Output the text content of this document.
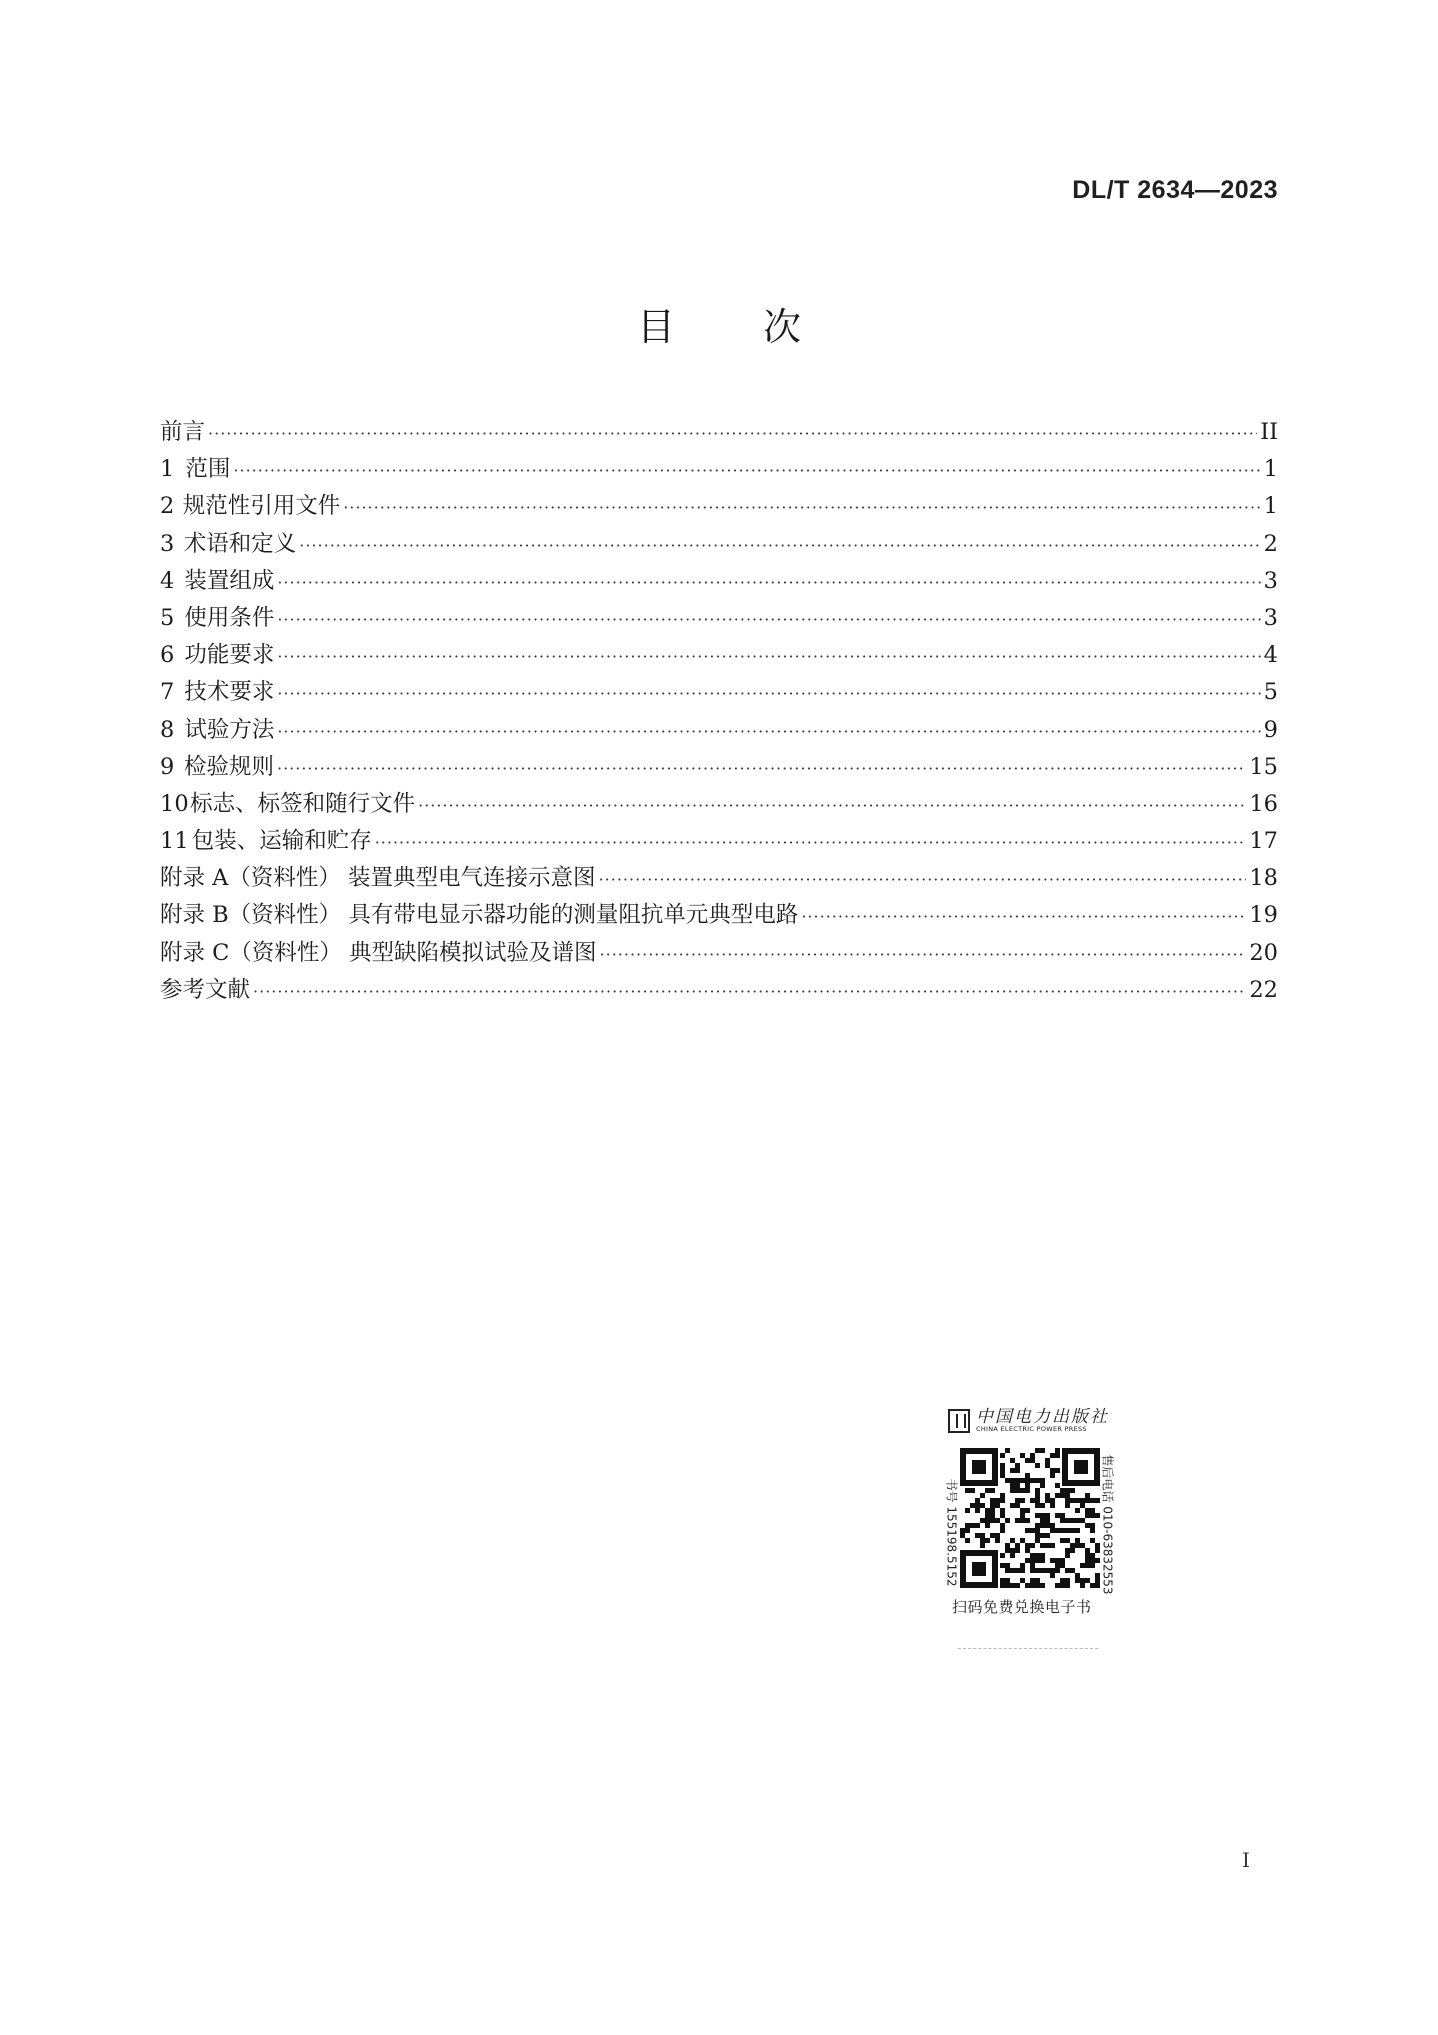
DL/T 2634—2023
目次
前言 ·····	II
1 范围 ·····	1
2 规范性引用文件 ·····	1
3 术语和定义 ·····	2
4 装置组成 ·····	3
5 使用条件 ·····	3
6 功能要求 ·····	4
7 技术要求 ·····	5
8 试验方法 ·····	9
9 检验规则 ·····	15
10 标志、标签和随行文件 ·····	16
11 包装、运输和贮存 ·····	17
附录 A（资料性） 装置典型电气连接示意图 ·····	18
附录 B（资料性） 具有带电显示器功能的测量阻抗单元典型电路 ·····	19
附录 C（资料性） 典型缺陷模拟试验及谱图 ·····	20
参考文献 ·····	22
中国电力出版社
CHINA ELECTRIC POWER PRESS
书号 155198.5152	售后电话 010-63832553
扫码免费兑换电子书
I
